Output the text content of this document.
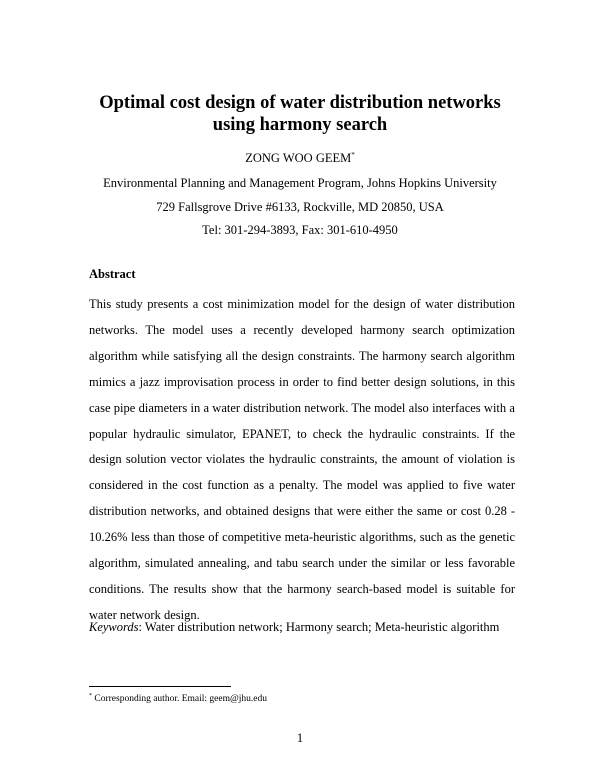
Optimal cost design of water distribution networks
using harmony search
ZONG WOO GEEM*
Environmental Planning and Management Program, Johns Hopkins University
729 Fallsgrove Drive #6133, Rockville, MD 20850, USA
Tel: 301-294-3893, Fax: 301-610-4950
Abstract

This study presents a cost minimization model for the design of water distribution networks. The model uses a recently developed harmony search optimization algorithm while satisfying all the design constraints. The harmony search algorithm mimics a jazz improvisation process in order to find better design solutions, in this case pipe diameters in a water distribution network. The model also interfaces with a popular hydraulic simulator, EPANET, to check the hydraulic constraints. If the design solution vector violates the hydraulic constraints, the amount of violation is considered in the cost function as a penalty. The model was applied to five water distribution networks, and obtained designs that were either the same or cost 0.28 - 10.26% less than those of competitive meta-heuristic algorithms, such as the genetic algorithm, simulated annealing, and tabu search under the similar or less favorable conditions. The results show that the harmony search-based model is suitable for water network design.

Keywords: Water distribution network; Harmony search; Meta-heuristic algorithm
* Corresponding author. Email: geem@jhu.edu
1
